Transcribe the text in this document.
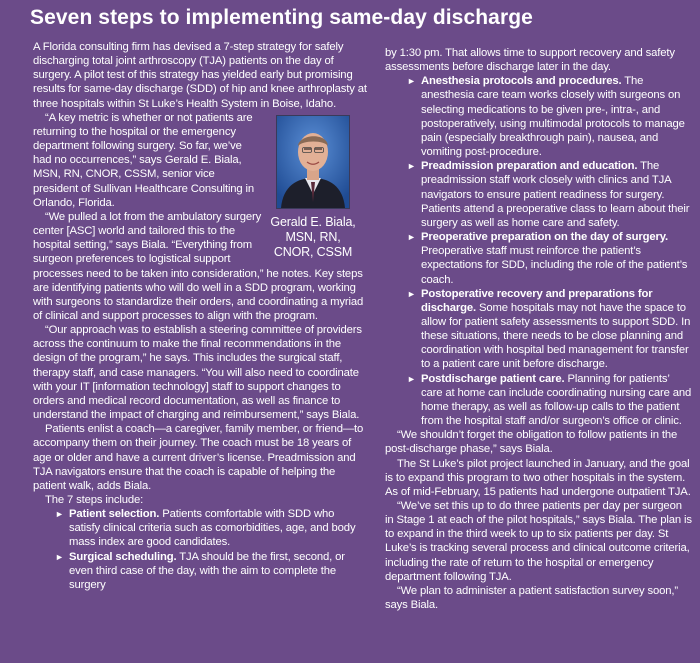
Seven steps to implementing same-day discharge

A Florida consulting firm has devised a 7-step strategy for safely discharging total joint arthroscopy (TJA) patients on the day of surgery. A pilot test of this strategy has yielded early but promising results for same-day discharge (SDD) of hip and knee arthroplasty at three hospitals within St Luke’s Health System in Boise, Idaho.

Gerald E. Biala, MSN, RN, CNOR, CSSM

“A key metric is whether or not patients are returning to the hospital or the emergency department following surgery. So far, we’ve had no occurrences,” says Gerald E. Biala, MSN, RN, CNOR, CSSM, senior vice president of Sullivan Healthcare Consulting in Orlando, Florida.

“We pulled a lot from the ambulatory surgery center [ASC] world and tailored this to the hospital setting,” says Biala. “Everything from surgeon preferences to logistical support processes need to be taken into consideration,” he notes. Key steps are identifying patients who will do well in a SDD program, working with surgeons to standardize their orders, and coordinating a myriad of clinical and support processes to align with the program.

“Our approach was to establish a steering committee of providers across the continuum to make the final recommendations in the design of the program,” he says. This includes the surgical staff, therapy staff, and case managers. “You will also need to coordinate with your IT [information technology] staff to support changes to orders and medical record documentation, as well as finance to understand the impact of charging and reimbursement,” says Biala.

Patients enlist a coach—a caregiver, family member, or friend—to accompany them on their journey. The coach must be 18 years of age or older and have a current driver’s license. Preadmission and TJA navigators ensure that the coach is capable of helping the patient walk, adds Biala.

The 7 steps include:

► Patient selection. Patients comfortable with SDD who satisfy clinical criteria such as comorbidities, age, and body mass index are good candidates.

► Surgical scheduling. TJA should be the first, second, or even third case of the day, with the aim to complete the surgery

by 1:30 pm. That allows time to support recovery and safety assessments before discharge later in the day.

► Anesthesia protocols and procedures. The anesthesia care team works closely with surgeons on selecting medications to be given pre-, intra-, and postoperatively, using multimodal protocols to manage pain (especially breakthrough pain), nausea, and vomiting post-procedure.

► Preadmission preparation and education. The preadmission staff work closely with clinics and TJA navigators to ensure patient readiness for surgery. Patients attend a preoperative class to learn about their surgery as well as home care and safety.

► Preoperative preparation on the day of surgery. Preoperative staff must reinforce the patient’s expectations for SDD, including the role of the patient’s coach.

► Postoperative recovery and preparations for discharge. Some hospitals may not have the space to allow for patient safety assessments to support SDD. In these situations, there needs to be close planning and coordination with hospital bed management for transfer to a patient care unit before discharge.

► Postdischarge patient care. Planning for patients’ care at home can include coordinating nursing care and home therapy, as well as follow-up calls to the patient from the hospital staff and/or surgeon’s office or clinic.

“We shouldn’t forget the obligation to follow patients in the post-discharge phase,” says Biala.

The St Luke’s pilot project launched in January, and the goal is to expand this program to two other hospitals in the system. As of mid-February, 15 patients had undergone outpatient TJA.

“We’ve set this up to do three patients per day per surgeon in Stage 1 at each of the pilot hospitals,” says Biala. The plan is to expand in the third week to up to six patients per day. St Luke’s is tracking several process and clinical outcome criteria, including the rate of return to the hospital or emergency department following TJA.

“We plan to administer a patient satisfaction survey soon,” says Biala.
